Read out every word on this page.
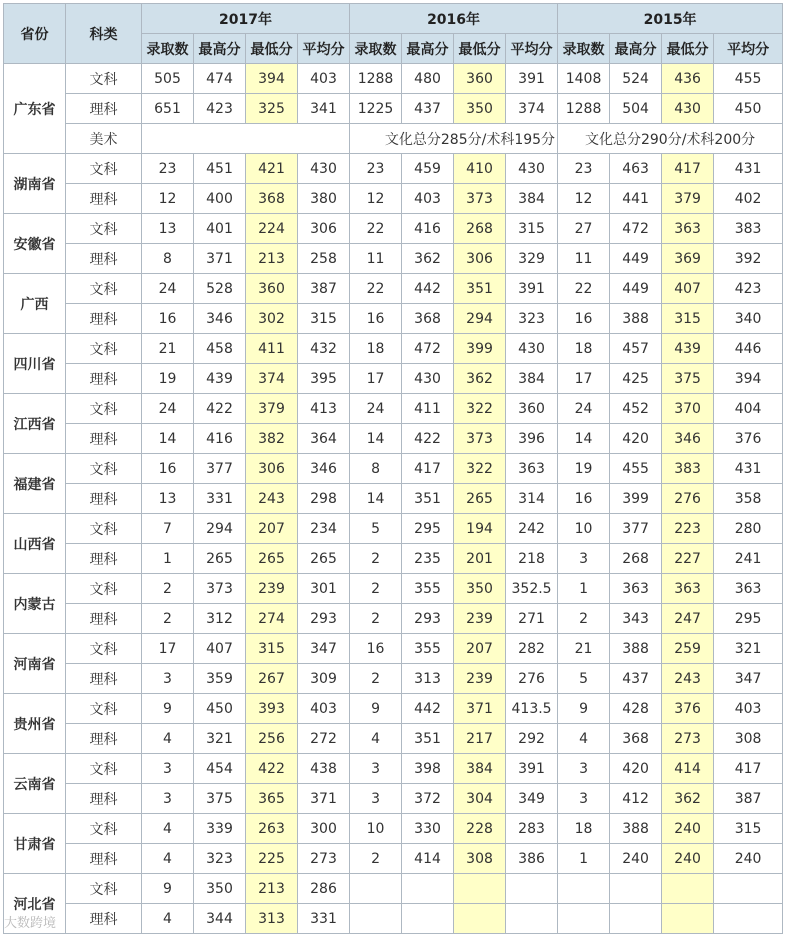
省份	科类	2017年				2016年				2015年			
		录取数	最高分	最低分	平均分	录取数	最高分	最低分	平均分	录取数	最高分	最低分	平均分
广东省	文科	505	474	394	403	1288	480	360	391	1408	524	436	455
	理科	651	423	325	341	1225	437	350	374	1288	504	430	450
	美术					文化总分285分/术科195分				文化总分290分/术科200分			
湖南省	文科	23	451	421	430	23	459	410	430	23	463	417	431
	理科	12	400	368	380	12	403	373	384	12	441	379	402
安徽省	文科	13	401	224	306	22	416	268	315	27	472	363	383
	理科	8	371	213	258	11	362	306	329	11	449	369	392
广西	文科	24	528	360	387	22	442	351	391	22	449	407	423
	理科	16	346	302	315	16	368	294	323	16	388	315	340
四川省	文科	21	458	411	432	18	472	399	430	18	457	439	446
	理科	19	439	374	395	17	430	362	384	17	425	375	394
江西省	文科	24	422	379	413	24	411	322	360	24	452	370	404
	理科	14	416	382	364	14	422	373	396	14	420	346	376
福建省	文科	16	377	306	346	8	417	322	363	19	455	383	431
	理科	13	331	243	298	14	351	265	314	16	399	276	358
山西省	文科	7	294	207	234	5	295	194	242	10	377	223	280
	理科	1	265	265	265	2	235	201	218	3	268	227	241
内蒙古	文科	2	373	239	301	2	355	350	352.5	1	363	363	363
	理科	2	312	274	293	2	293	239	271	2	343	247	295
河南省	文科	17	407	315	347	16	355	207	282	21	388	259	321
	理科	3	359	267	309	2	313	239	276	5	437	243	347
贵州省	文科	9	450	393	403	9	442	371	413.5	9	428	376	403
	理科	4	321	256	272	4	351	217	292	4	368	273	308
云南省	文科	3	454	422	438	3	398	384	391	3	420	414	417
	理科	3	375	365	371	3	372	304	349	3	412	362	387
甘肃省	文科	4	339	263	300	10	330	228	283	18	388	240	315
	理科	4	323	225	273	2	414	308	386	1	240	240	240
河北省	文科	9	350	213	286								
	理科	4	344	313	331								
大数跨境
